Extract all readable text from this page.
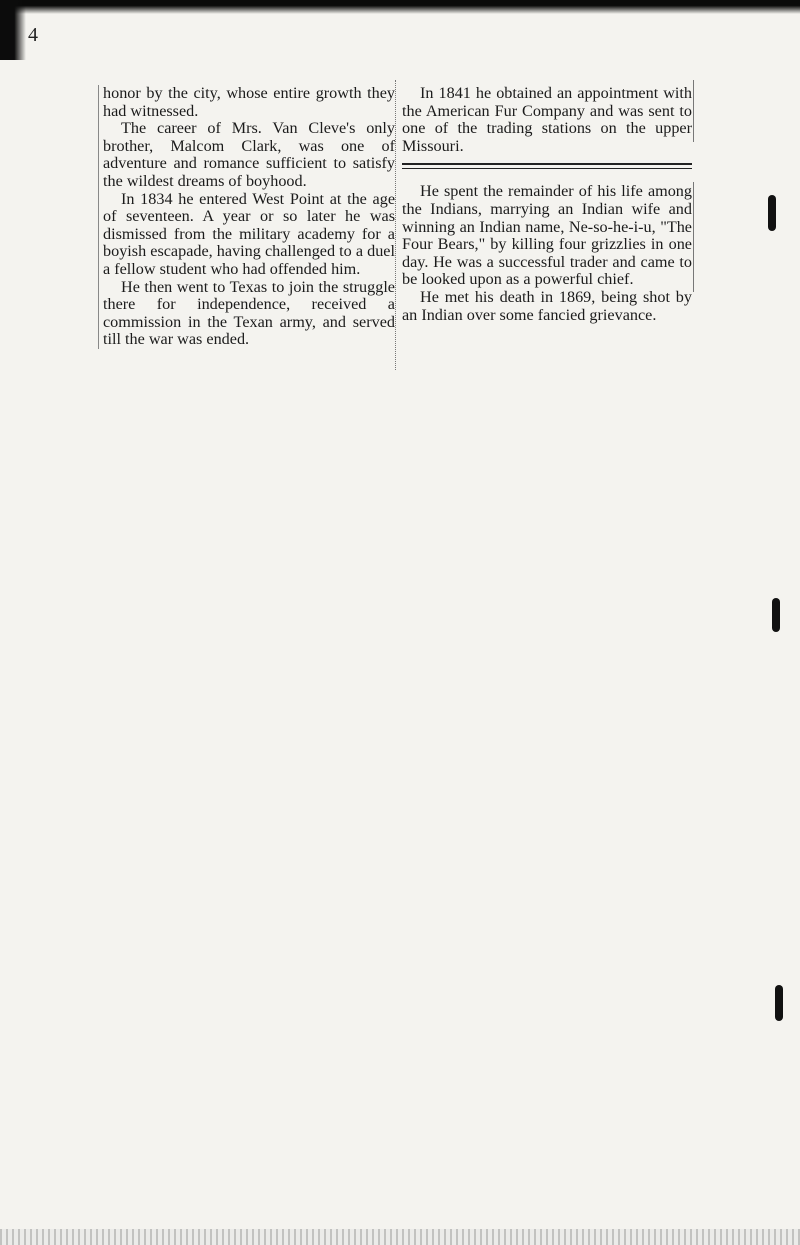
4

honor by the city, whose entire growth they had witnessed.

The career of Mrs. Van Cleve's only brother, Malcom Clark, was one of adventure and romance sufficient to satisfy the wildest dreams of boyhood.

In 1834 he entered West Point at the age of seventeen. A year or so later he was dismissed from the military academy for a boyish escapade, having challenged to a duel a fellow student who had offended him.

He then went to Texas to join the struggle there for independence, received a commission in the Texan army, and served till the war was ended.

In 1841 he obtained an appointment with the American Fur Company and was sent to one of the trading stations on the upper Missouri.

He spent the remainder of his life among the Indians, marrying an Indian wife and winning an Indian name, Ne-so-he-i-u, "The Four Bears," by killing four grizzlies in one day. He was a successful trader and came to be looked upon as a powerful chief.

He met his death in 1869, being shot by an Indian over some fancied grievance.
